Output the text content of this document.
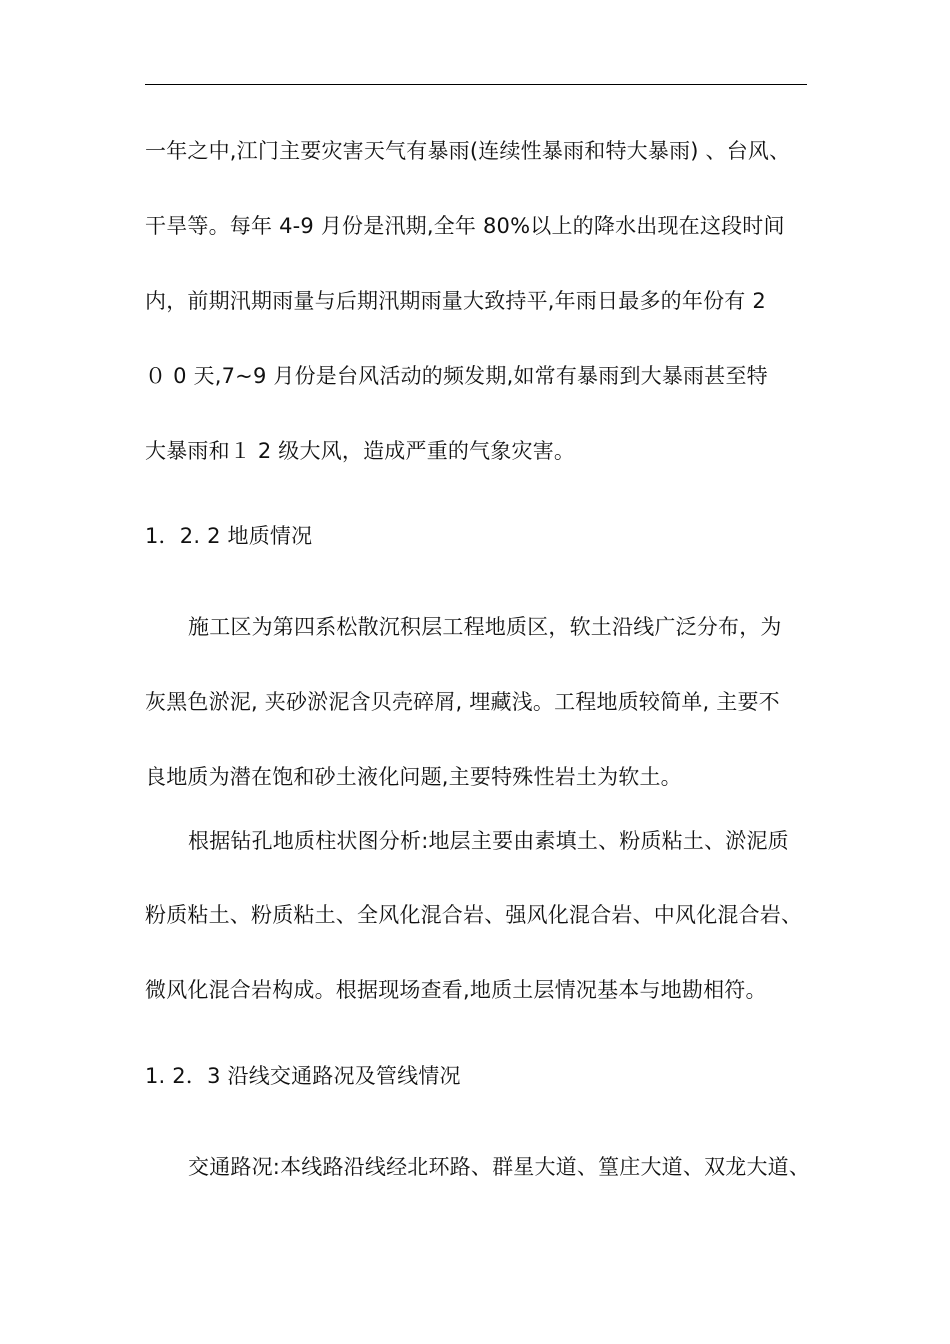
一年之中,江门主要灾害天气有暴雨(连续性暴雨和特大暴雨) 、台风、
干旱等。每年 4-9 月份是汛期,全年 80%以上的降水出现在这段时间
内，前期汛期雨量与后期汛期雨量大致持平,年雨日最多的年份有 2
０ 0 天,7~9 月份是台风活动的频发期,如常有暴雨到大暴雨甚至特
大暴雨和１ 2 级大风，造成严重的气象灾害。
1．2. 2 地质情况
施工区为第四系松散沉积层工程地质区，软土沿线广泛分布，为
灰黑色淤泥, 夹砂淤泥含贝壳碎屑, 埋藏浅。工程地质较简单, 主要不
良地质为潜在饱和砂土液化问题,主要特殊性岩土为软土。
根据钻孔地质柱状图分析:地层主要由素填土、粉质粘土、淤泥质
粉质粘土、粉质粘土、全风化混合岩、强风化混合岩、中风化混合岩、
微风化混合岩构成。根据现场查看,地质土层情况基本与地勘相符。
1. 2．3 沿线交通路况及管线情况
交通路况:本线路沿线经北环路、群星大道、篁庄大道、双龙大道、
